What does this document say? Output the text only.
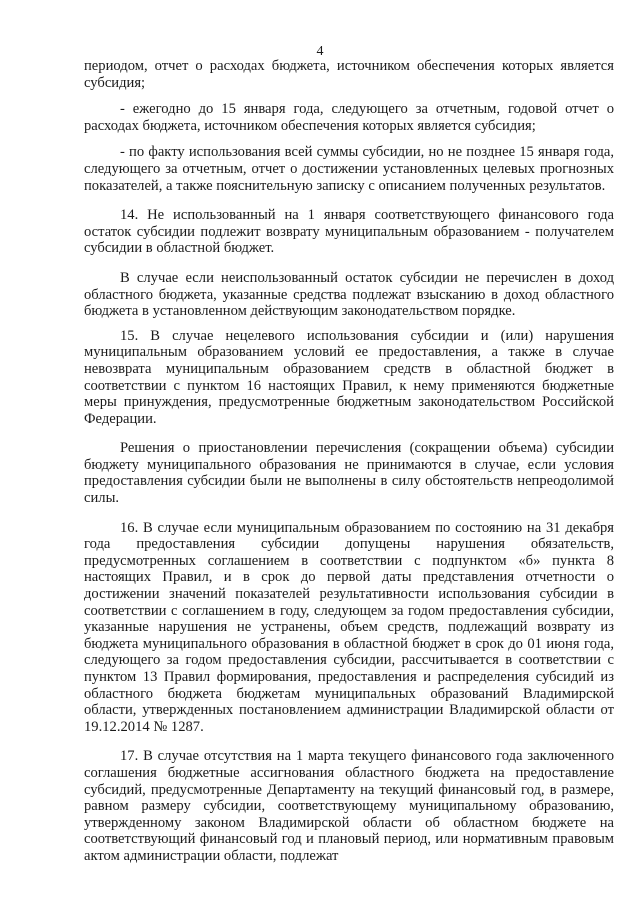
4

периодом, отчет о расходах бюджета, источником обеспечения которых является субсидия;

- ежегодно до 15 января года, следующего за отчетным, годовой отчет о расходах бюджета, источником обеспечения которых является субсидия;

- по факту использования всей суммы субсидии, но не позднее 15 января года, следующего за отчетным, отчет о достижении установленных целевых прогнозных показателей, а также пояснительную записку с описанием полученных результатов.

14. Не использованный на 1 января соответствующего финансового года остаток субсидии подлежит возврату муниципальным образованием - получателем субсидии в областной бюджет.

В случае если неиспользованный остаток субсидии не перечислен в доход областного бюджета, указанные средства подлежат взысканию в доход областного бюджета в установленном действующим законодательством порядке.

15. В случае нецелевого использования субсидии и (или) нарушения муниципальным образованием условий ее предоставления, а также в случае невозврата муниципальным образованием средств в областной бюджет в соответствии с пунктом 16 настоящих Правил, к нему применяются бюджетные меры принуждения, предусмотренные бюджетным законодательством Российской Федерации.

Решения о приостановлении перечисления (сокращении объема) субсидии бюджету муниципального образования не принимаются в случае, если условия предоставления субсидии были не выполнены в силу обстоятельств непреодолимой силы.

16. В случае если муниципальным образованием по состоянию на 31 декабря года предоставления субсидии допущены нарушения обязательств, предусмотренных соглашением в соответствии с подпунктом «б» пункта 8 настоящих Правил, и в срок до первой даты представления отчетности о достижении значений показателей результативности использования субсидии в соответствии с соглашением в году, следующем за годом предоставления субсидии, указанные нарушения не устранены, объем средств, подлежащий возврату из бюджета муниципального образования в областной бюджет в срок до 01 июня года, следующего за годом предоставления субсидии, рассчитывается в соответствии с пунктом 13 Правил формирования, предоставления и распределения субсидий из областного бюджета бюджетам муниципальных образований Владимирской области, утвержденных постановлением администрации Владимирской области от 19.12.2014 № 1287.

17. В случае отсутствия на 1 марта текущего финансового года заключенного соглашения бюджетные ассигнования областного бюджета на предоставление субсидий, предусмотренные Департаменту на текущий финансовый год, в размере, равном размеру субсидии, соответствующему муниципальному образованию, утвержденному законом Владимирской области об областном бюджете на соответствующий финансовый год и плановый период, или нормативным правовым актом администрации области, подлежат
